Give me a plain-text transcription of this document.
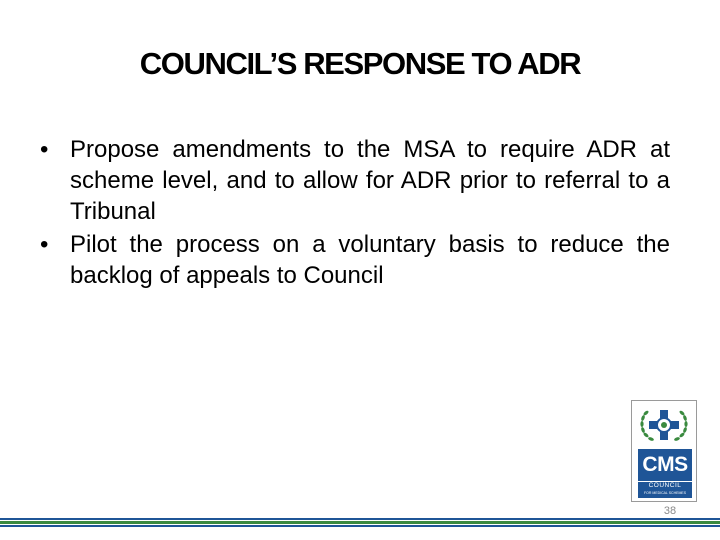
COUNCIL’S RESPONSE TO ADR
• Propose amendments to the MSA to require ADR at scheme level, and to allow for ADR prior to referral to a Tribunal
• Pilot the process on a voluntary basis to reduce the backlog of appeals to Council
CMS
COUNCIL
FOR MEDICAL SCHEMES
38
